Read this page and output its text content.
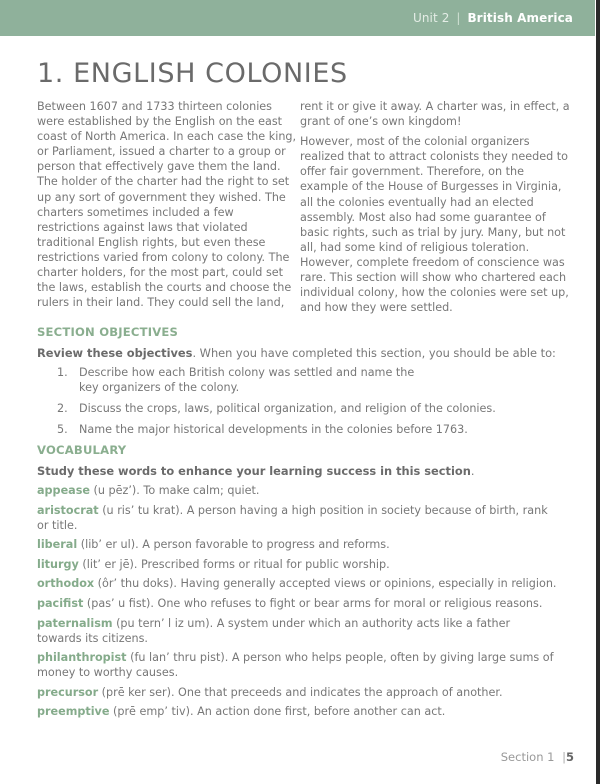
Unit 2 | British America
1. ENGLISH COLONIES

Between 1607 and 1733 thirteen colonies were established by the English on the east coast of North America. In each case the king, or Parliament, issued a charter to a group or person that effectively gave them the land. The holder of the charter had the right to set up any sort of government they wished. The charters sometimes included a few restrictions against laws that violated traditional English rights, but even these restrictions varied from colony to colony. The charter holders, for the most part, could set the laws, establish the courts and choose the rulers in their land. They could sell the land,

rent it or give it away. A charter was, in effect, a grant of one’s own kingdom!

However, most of the colonial organizers realized that to attract colonists they needed to offer fair government. Therefore, on the example of the House of Burgesses in Virginia, all the colonies eventually had an elected assembly. Most also had some guarantee of basic rights, such as trial by jury. Many, but not all, had some kind of religious toleration. However, complete freedom of conscience was rare. This section will show who chartered each individual colony, how the colonies were set up, and how they were settled.

SECTION OBJECTIVES
Review these objectives. When you have completed this section, you should be able to:
1.	Describe how each British colony was settled and name the key organizers of the colony.
2.	Discuss the crops, laws, political organization, and religion of the colonies.
5.	Name the major historical developments in the colonies before 1763.
VOCABULARY
Study these words to enhance your learning success in this section.
appease (u pēz’). To make calm; quiet.
aristocrat (u ris’ tu krat). A person having a high position in society because of birth, rank or title.
liberal (lib’ er ul). A person favorable to progress and reforms.
liturgy (lit’ er jē). Prescribed forms or ritual for public worship.
orthodox (ôr’ thu doks). Having generally accepted views or opinions, especially in religion.
pacifist (pas’ u fist). One who refuses to fight or bear arms for moral or religious reasons.
paternalism (pu tern’ l iz um). A system under which an authority acts like a father towards its citizens.
philanthropist (fu lan’ thru pist). A person who helps people, often by giving large sums of money to worthy causes.
precursor (prē ker ser). One that preceeds and indicates the approach of another.
preemptive (prē emp’ tiv). An action done first, before another can act.
Section 1 |5
